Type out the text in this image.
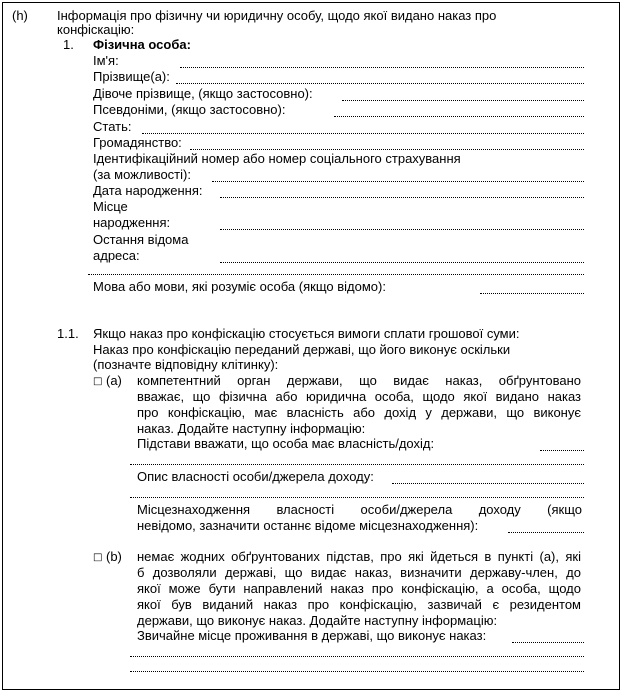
(h) Інформація про фізичну чи юридичну особу, щодо якої видано наказ про
конфіскацію:
1. Фізична особа:
Ім'я:
Прізвище(а):
Дівоче прізвище, (якщо застосовно):
Псевдоніми, (якщо застосовно):
Стать:
Громадянство:
Ідентифікаційний номер або номер соціального страхування
(за можливості):
Дата народження:
Місце
народження:
Остання відома
адреса:
Мова або мови, які розуміє особа (якщо відомо):
1.1. Якщо наказ про конфіскацію стосується вимоги сплати грошової суми:
Наказ про конфіскацію переданий державі, що його виконує оскільки
(позначте відповідну клітинку):
□ (a) компетентний орган держави, що видає наказ, обґрунтовано
вважає, що фізична або юридична особа, щодо якої видано наказ
про конфіскацію, має власність або дохід у держави, що виконує
наказ. Додайте наступну інформацію:
Підстави вважати, що особа має власність/дохід:
Опис власності особи/джерела доходу:
Місцезнаходження власності особи/джерела доходу (якщо
невідомо, зазначити останнє відоме місцезнаходження):
□ (b) немає жодних обґрунтованих підстав, про які йдеться в пункті (a), які
б дозволяли державі, що видає наказ, визначити державу-член, до
якої може бути направлений наказ про конфіскацію, а особа, щодо
якої був виданий наказ про конфіскацію, зазвичай є резидентом
держави, що виконує наказ. Додайте наступну інформацію:
Звичайне місце проживання в державі, що виконує наказ:
